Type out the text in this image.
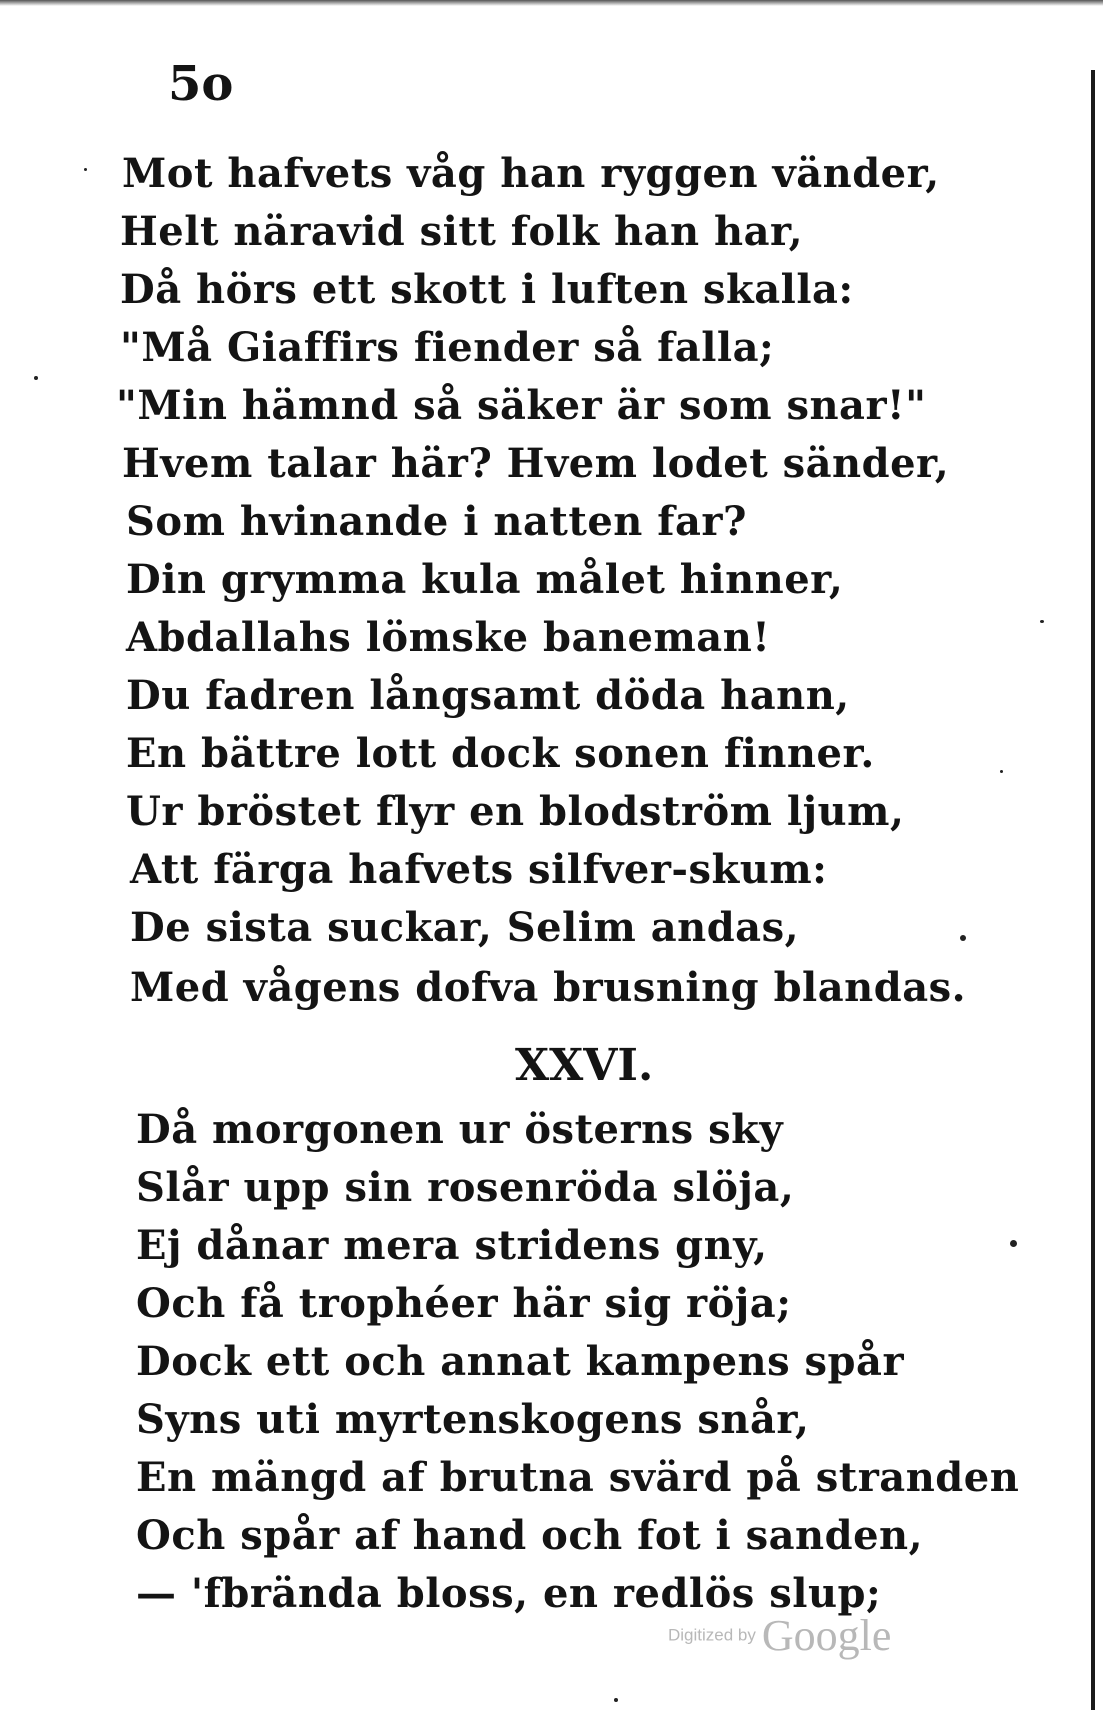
5o
Mot hafvets våg han ryggen vänder,
Helt näravid sitt folk han har,
Då hörs ett skott i luften skalla:
"Må Giaffirs fiender så falla;
"Min hämnd så säker är som snar!"
Hvem talar här? Hvem lodet sänder,
Som hvinande i natten far?
Din grymma kula målet hinner,
Abdallahs lömske baneman!
Du fadren långsamt döda hann,
En bättre lott dock sonen finner.
Ur bröstet flyr en blodström ljum,
Att färga hafvets silfver-skum:
De sista suckar, Selim andas,
Med vågens dofva brusning blandas.
XXVI.
Då morgonen ur österns sky
Slår upp sin rosenröda slöja,
Ej dånar mera stridens gny,
Och få trophéer här sig röja;
Dock ett och annat kampens spår
Syns uti myrtenskogens snår,
En mängd af brutna svärd på stranden
Och spår af hand och fot i sanden,
— 'fbrända bloss, en redlös slup;
Digitized by Google
